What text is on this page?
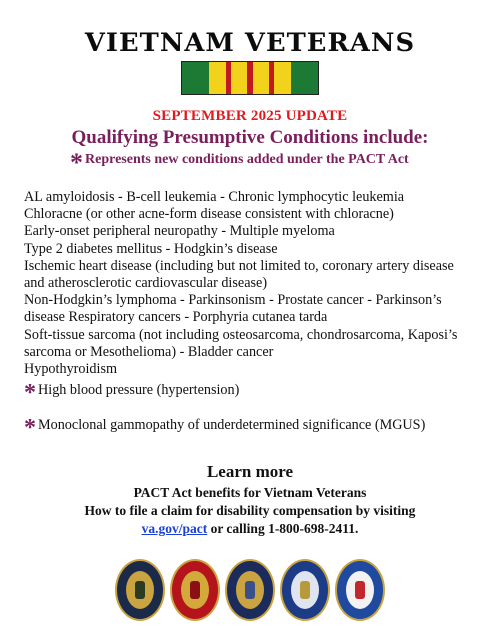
VIETNAM VETERANS
SEPTEMBER 2025 UPDATE
Qualifying Presumptive Conditions include:
* Represents new conditions added under the PACT Act
AL amyloidosis - B-cell leukemia - Chronic lymphocytic leukemia
Chloracne (or other acne-form disease consistent with chloracne)
Early-onset peripheral neuropathy - Multiple myeloma
Type 2 diabetes mellitus - Hodgkin’s disease
Ischemic heart disease (including but not limited to, coronary artery disease
and atherosclerotic cardiovascular disease)
Non-Hodgkin’s lymphoma - Parkinsonism - Prostate cancer - Parkinson’s
disease Respiratory cancers - Porphyria cutanea tarda
Soft-tissue sarcoma (not including osteosarcoma, chondrosarcoma, Kaposi’s
sarcoma or Mesothelioma) - Bladder cancer
Hypothyroidism
* High blood pressure (hypertension)
* Monoclonal gammopathy of underdetermined significance (MGUS)
Learn more
PACT Act benefits for Vietnam Veterans
How to file a claim for disability compensation by visiting
va.gov/pact or calling 1-800-698-2411.
